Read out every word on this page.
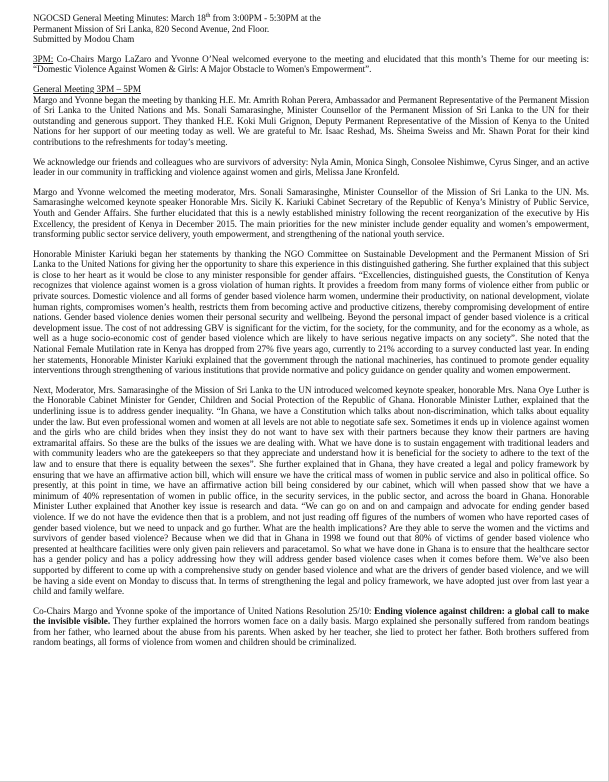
NGOCSD General Meeting Minutes: March 18th from 3:00PM - 5:30PM at the

Permanent Mission of Sri Lanka, 820 Second Avenue, 2nd Floor.

Submitted by Modou Cham

3PM: Co-Chairs Margo LaZaro and Yvonne O’Neal welcomed everyone to the meeting and elucidated that this month’s Theme for our meeting is: “Domestic Violence Against Women & Girls: A Major Obstacle to Women's Empowerment”.

General Meeting 3PM – 5PM

Margo and Yvonne began the meeting by thanking H.E. Mr. Amrith Rohan Perera, Ambassador and Permanent Representative of the Permanent Mission of Sri Lanka to the United Nations and Ms. Sonali Samarasinghe, Minister Counsellor of the Permanent Mission of Sri Lanka to the UN for their outstanding and generous support. They thanked H.E. Koki Muli Grignon, Deputy Permanent Representative of the Mission of Kenya to the United Nations for her support of our meeting today as well. We are grateful to Mr. Isaac Reshad, Ms. Sheima Sweiss and Mr. Shawn Porat for their kind contributions to the refreshments for today’s meeting.

We acknowledge our friends and colleagues who are survivors of adversity: Nyla Amin, Monica Singh, Consolee Nishimwe, Cyrus Singer, and an active leader in our community in trafficking and violence against women and girls, Melissa Jane Kronfeld.

Margo and Yvonne welcomed the meeting moderator, Mrs. Sonali Samarasinghe, Minister Counsellor of the Mission of Sri Lanka to the UN. Ms. Samarasinghe welcomed keynote speaker Honorable Mrs. Sicily K. Kariuki Cabinet Secretary of the Republic of Kenya’s Ministry of Public Service, Youth and Gender Affairs. She further elucidated that this is a newly established ministry following the recent reorganization of the executive by His Excellency, the president of Kenya in December 2015. The main priorities for the new minister include gender equality and women’s empowerment, transforming public sector service delivery, youth empowerment, and strengthening of the national youth service.

Honorable Minister Kariuki began her statements by thanking the NGO Committee on Sustainable Development and the Permanent Mission of Sri Lanka to the United Nations for giving her the opportunity to share this experience in this distinguished gathering. She further explained that this subject is close to her heart as it would be close to any minister responsible for gender affairs. “Excellencies, distinguished guests, the Constitution of Kenya recognizes that violence against women is a gross violation of human rights. It provides a freedom from many forms of violence either from public or private sources. Domestic violence and all forms of gender based violence harm women, undermine their productivity, on national development, violate human rights, compromises women’s health, restricts them from becoming active and productive citizens, thereby compromising development of entire nations. Gender based violence denies women their personal security and wellbeing. Beyond the personal impact of gender based violence is a critical development issue. The cost of not addressing GBV is significant for the victim, for the society, for the community, and for the economy as a whole, as well as a huge socio-economic cost of gender based violence which are likely to have serious negative impacts on any society”. She noted that the National Female Mutilation rate in Kenya has dropped from 27% five years ago, currently to 21% according to a survey conducted last year. In ending her statements, Honorable Minister Kariuki explained that the government through the national machineries, has continued to promote gender equality interventions through strengthening of various institutions that provide normative and policy guidance on gender quality and women empowerment.

Next, Moderator, Mrs. Samarasinghe of the Mission of Sri Lanka to the UN introduced welcomed keynote speaker, honorable Mrs. Nana Oye Luther is the Honorable Cabinet Minister for Gender, Children and Social Protection of the Republic of Ghana. Honorable Minister Luther, explained that the underlining issue is to address gender inequality. “In Ghana, we have a Constitution which talks about non-discrimination, which talks about equality under the law. But even professional women and women at all levels are not able to negotiate safe sex. Sometimes it ends up in violence against women and the girls who are child brides when they insist they do not want to have sex with their partners because they know their partners are having extramarital affairs. So these are the bulks of the issues we are dealing with. What we have done is to sustain engagement with traditional leaders and with community leaders who are the gatekeepers so that they appreciate and understand how it is beneficial for the society to adhere to the text of the law and to ensure that there is equality between the sexes”. She further explained that in Ghana, they have created a legal and policy framework by ensuring that we have an affirmative action bill, which will ensure we have the critical mass of women in public service and also in political office. So presently, at this point in time, we have an affirmative action bill being considered by our cabinet, which will when passed show that we have a minimum of 40% representation of women in public office, in the security services, in the public sector, and across the board in Ghana. Honorable Minister Luther explained that Another key issue is research and data. “We can go on and on and campaign and advocate for ending gender based violence. If we do not have the evidence then that is a problem, and not just reading off figures of the numbers of women who have reported cases of gender based violence, but we need to unpack and go further. What are the health implications? Are they able to serve the women and the victims and survivors of gender based violence? Because when we did that in Ghana in 1998 we found out that 80% of victims of gender based violence who presented at healthcare facilities were only given pain relievers and paracetamol. So what we have done in Ghana is to ensure that the healthcare sector has a gender policy and has a policy addressing how they will address gender based violence cases when it comes before them. We’ve also been supported by different to come up with a comprehensive study on gender based violence and what are the drivers of gender based violence, and we will be having a side event on Monday to discuss that. In terms of strengthening the legal and policy framework, we have adopted just over from last year a child and family welfare.

Co-Chairs Margo and Yvonne spoke of the importance of United Nations Resolution 25/10: Ending violence against children: a global call to make the invisible visible. They further explained the horrors women face on a daily basis. Margo explained she personally suffered from random beatings from her father, who learned about the abuse from his parents. When asked by her teacher, she lied to protect her father. Both brothers suffered from random beatings, all forms of violence from women and children should be criminalized.
